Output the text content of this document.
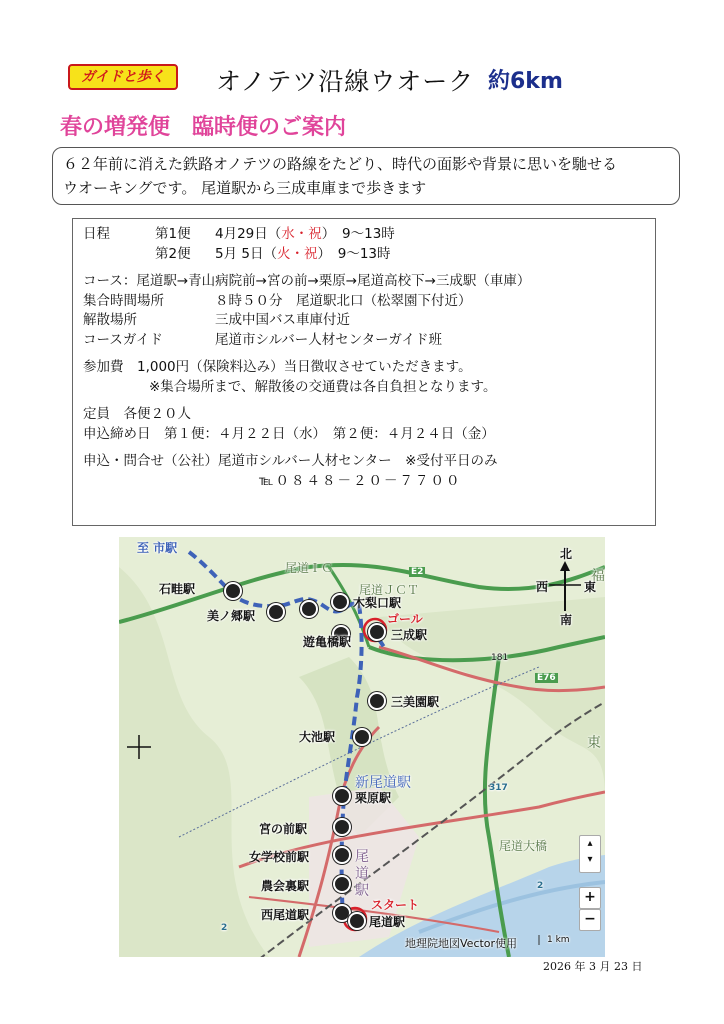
ガイドと歩く	オノテツ沿線ウオーク 約6km
春の増発便　臨時便のご案内
６２年前に消えた鉄路オノテツの路線をたどり、時代の面影や背景に思いを馳せる
ウオーキングです。 尾道駅から三成車庫まで歩きます
日程	第1便 4月29日（水・祝）　9～13時
第2便 5月 5日（火・祝）　9～13時
コース：尾道駅→青山病院前→宮の前→栗原→尾道高校下→三成駅（車庫）
集合時間場所	８時５０分　尾道駅北口（松翠園下付近）
解散場所	三成中国バス車庫付近
コースガイド	尾道市シルバー人材センターガイド班
参加費　1,000円（保険料込み）当日徴収させていただきます。
※集合場所まで、解散後の交通費は各自負担となります。
定員　各便２０人
申込締め日　第１便：４月２２日（水）　第２便：４月２４日（金）
申込・問合せ（公社）尾道市シルバー人材センター　※受付平日のみ
℡０８４８－２０－７７００
石畦駅
美ノ郷駅
木梨口駅
三成駅
遊亀橋駅
三美園駅
大池駅
栗原駅
宮の前駅
女学校前駅
農会裏駅
西尾道駅	尾道駅
至 市駅
尾道ＩＣ
尾道ＪＣＴ
ゴール
スタート
新尾道駅
尾
道
駅
尾道大橋
東
福
北
西	東
南
181
317
2
2
E2
E76
地理院地図Vector使用	1 km
+
−
▴
▾
2026 年 3 月 23 日
